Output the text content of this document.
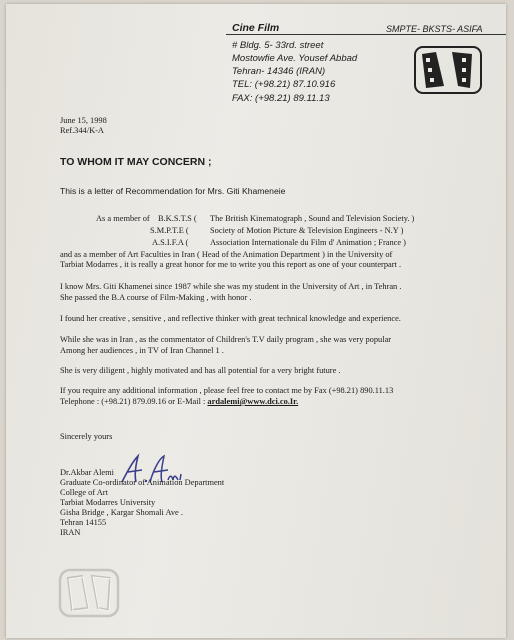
Cine Film	SMPTE- BKSTS- ASIFA
# Bldg. 5- 33rd. street
Mostowfie Ave. Yousef Abbad
Tehran- 14346 (IRAN)
TEL: (+98.21) 87.10.916
FAX: (+98.21) 89.11.13
June 15, 1998
Ref.344/K-A
TO WHOM IT MAY CONCERN ;
This is a letter of Recommendation for Mrs. Giti Khameneie
As a member of B.K.S.T.S ( The British Kinematograph , Sound and Television Society. )
S.M.P.T.E (	Society of Motion Picture & Television Engineers - N.Y )
A.S.I.F.A (	Association Internationale du Film d' Animation ; France )
and as a member of Art Faculties in Iran ( Head of the Animation Department ) in the University of
Tarbiat Modarres , it is really a great honor for me to write you this report as one of your counterpart .
I know Mrs. Giti Khamenei since 1987 while she was my student in the University of Art , in Tehran .
She passed the B.A course of Film-Making , with honor .
I found her creative , sensitive , and reflective thinker with great technical knowledge and experience.
While she was in Iran , as the commentator of Children's T.V daily program , she was very popular
Among her audiences , in TV of Iran Channel 1 .
She is very diligent , highly motivated and has all potential for a very bright future .
If you require any additional information , please feel free to contact me by Fax (+98.21) 890.11.13
Telephone : (+98.21) 879.09.16 or E-Mail : ardalemi@www.dci.co.Ir.
Sincerely yours
Dr.Akbar Alemi
Graduate Co-ordinator of Animation Department
College of Art
Tarbiat Modarres University
Gisha Bridge , Kargar Shomali Ave .
Tehran 14155
IRAN
